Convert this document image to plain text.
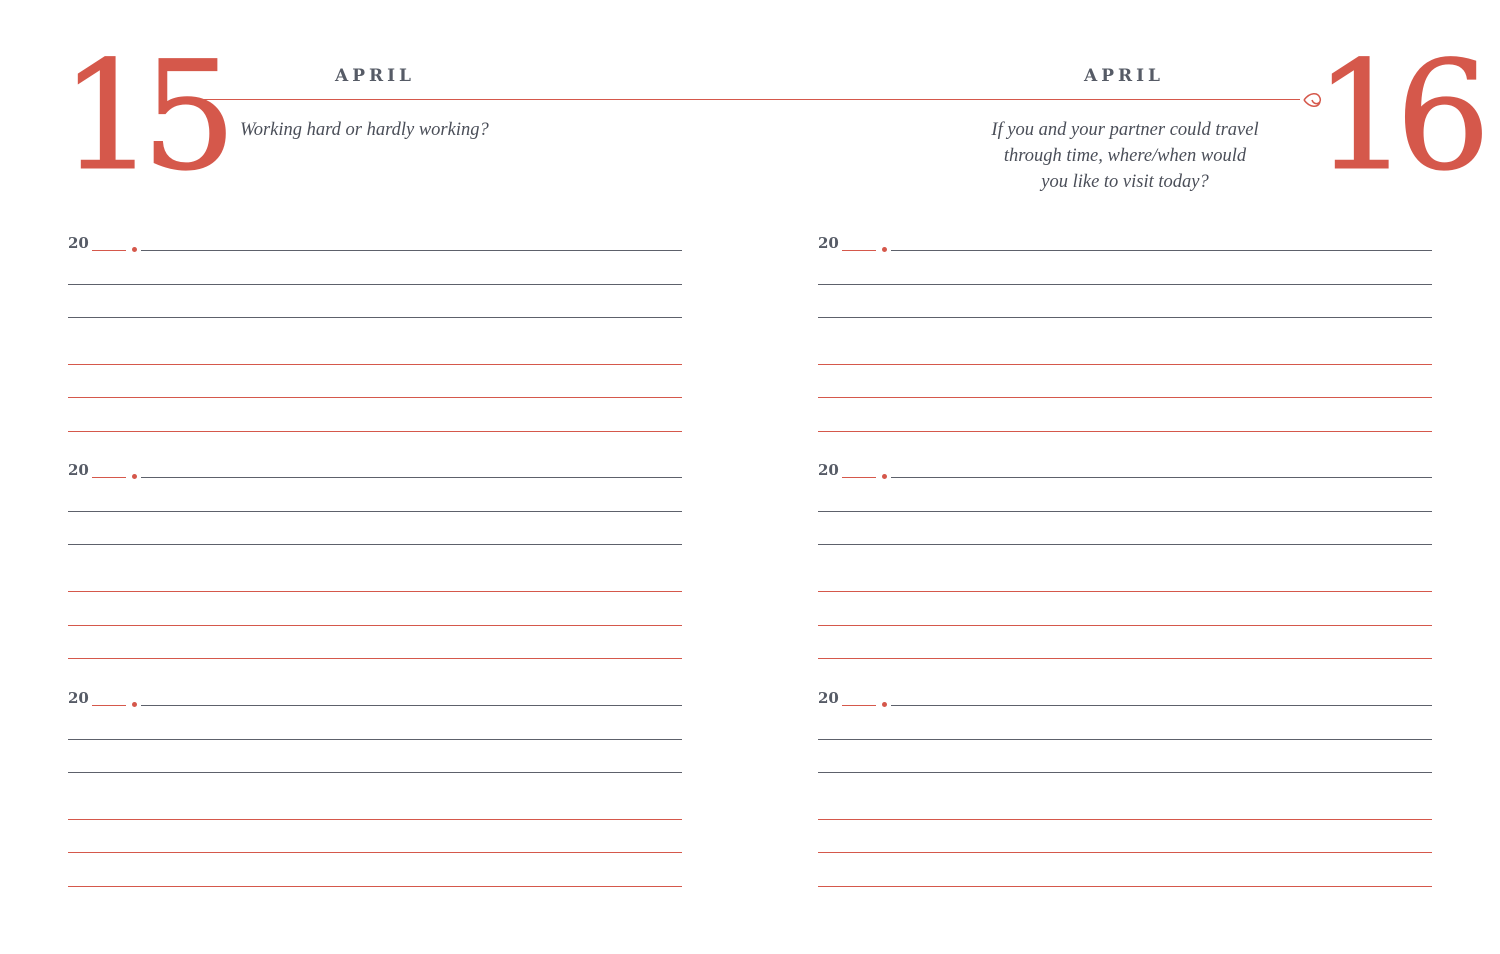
15	16
APRIL	APRIL
Working hard or hardly working?	If you and your partner could travel
through time, where/when would
you like to visit today?
20
20
20
20
20
20
